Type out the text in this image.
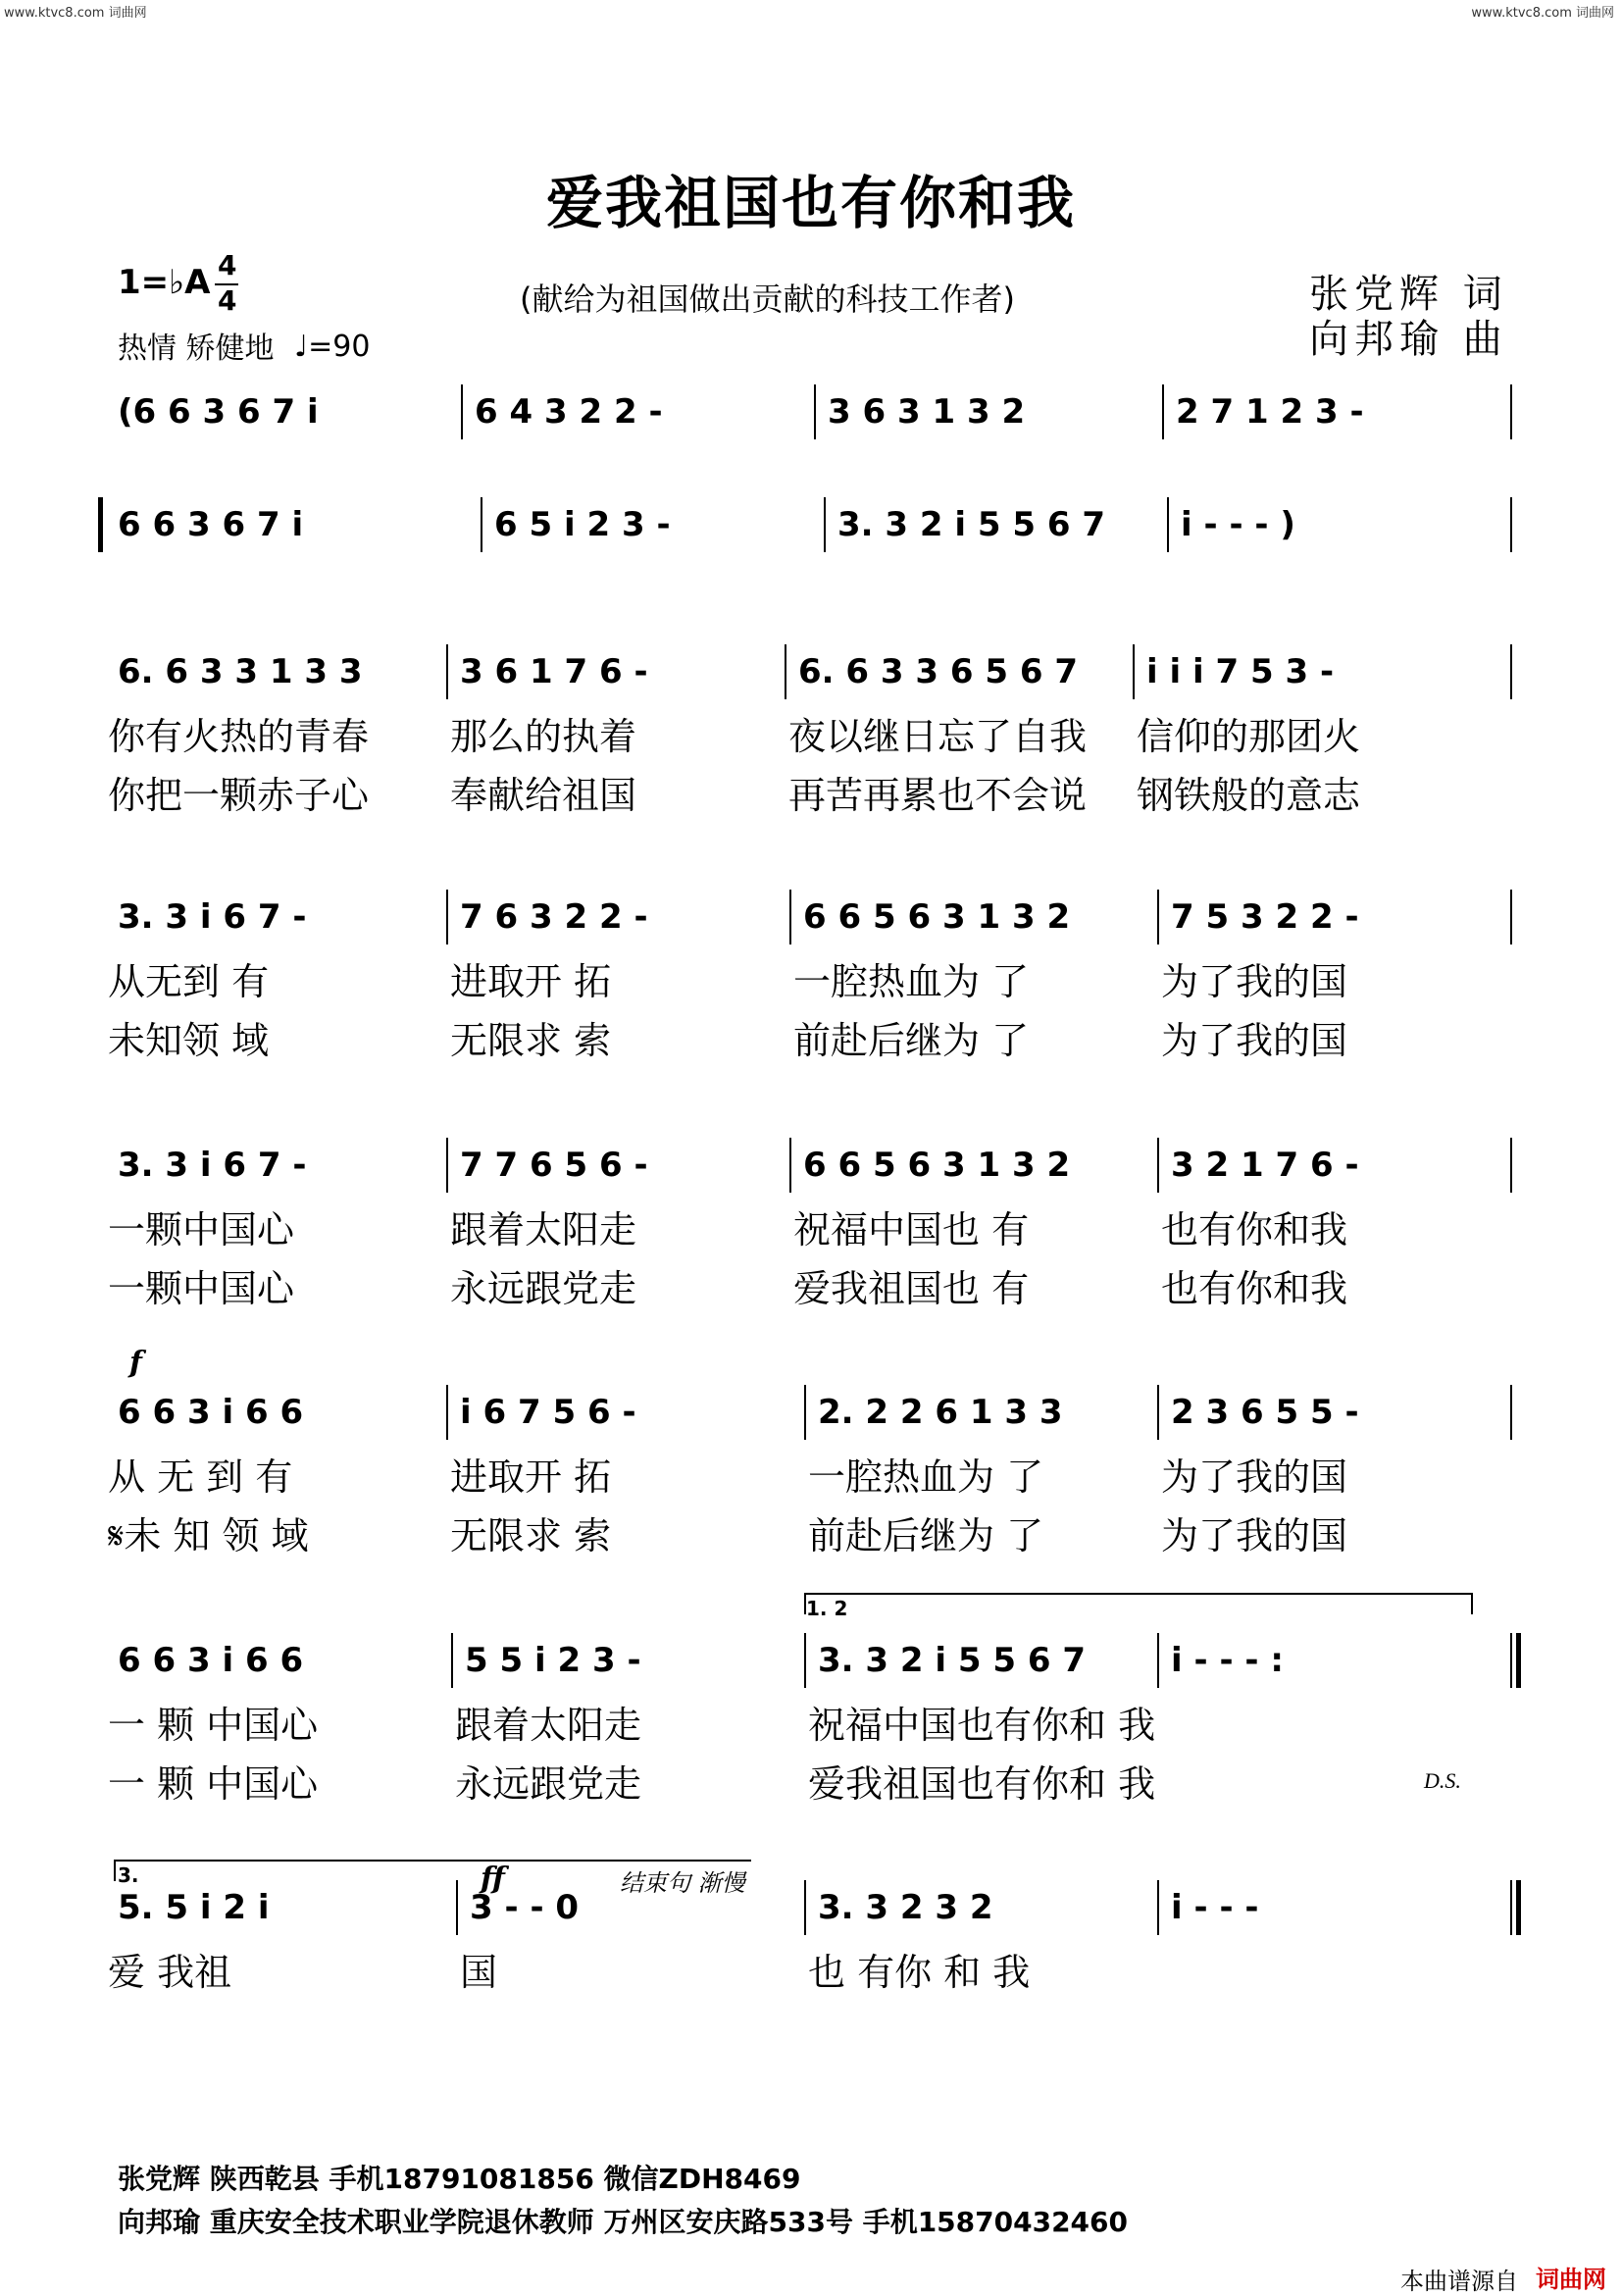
www.ktvc8.com 词曲网	www.ktvc8.com 词曲网
爱我祖国也有你和我
1=♭A 4
4
热情 矫健地 ♩=90
(献给为祖国做出贡献的科技工作者)	张党辉 词
向邦瑜 曲
f
ff	结束句 渐慢
1. 2
3.
D.S.
(6 6 3 6 7 i	6 4 3 2 2 -	3 6 3 1 3 2	2 7 1 2 3 -
6 6 3 6 7 i	6 5 i 2 3 -	3. 3 2 i 5 5 6 7 i - - - )
6. 6 3 3 1 3 3
你有火热的青春
你把一颗赤子心
3 6 1 7 6 -
那么的执着
奉献给祖国
6. 6 3 3 6 5 6 7
夜以继日忘了自我
再苦再累也不会说
i i i 7 5 3 -
信仰的那团火
钢铁般的意志
3. 3 i 6 7 -
从无到 有
未知领 域
7 6 3 2 2 -
进取开 拓
无限求 索
6 6 5 6 3 1 3 2
一腔热血为 了
前赴后继为 了
7 5 3 2 2 -
为了我的国
为了我的国
3. 3 i 6 7 -
一颗中国心
一颗中国心
7 7 6 5 6 -
跟着太阳走
永远跟党走
6 6 5 6 3 1 3 2
祝福中国也 有
爱我祖国也 有
3 2 1 7 6 -
也有你和我
也有你和我
6 6 3 i 6 6
从 无 到 有
𝄋未 知 领 域
i 6 7 5 6 -
进取开 拓
无限求 索
2. 2 2 6 1 3 3
一腔热血为 了
前赴后继为 了
2 3 6 5 5 -
为了我的国
为了我的国
6 6 3 i 6 6
一 颗 中国心
一 颗 中国心
5 5 i 2 3 -
跟着太阳走
永远跟党走
3. 3 2 i 5 5 6 7
祝福中国也有你和 我
爱我祖国也有你和 我
i - - - :
5. 5 i 2 i
爱 我祖
3 - - 0
国
3. 3 2 3 2
也 有你 和 我
i - - -
张党辉 陕西乾县 手机18791081856 微信ZDH8469
向邦瑜 重庆安全技术职业学院退休教师 万州区安庆路533号 手机15870432460
本曲谱源自 词曲网
